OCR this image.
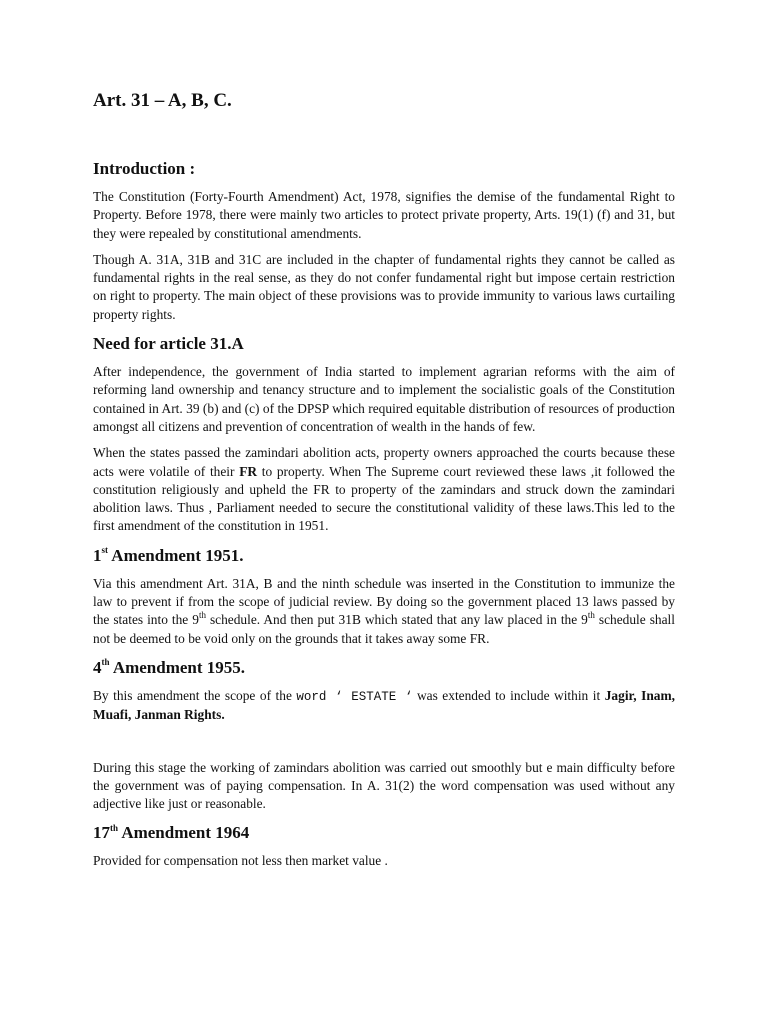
Art. 31 – A, B, C.
Introduction :

The Constitution (Forty-Fourth Amendment) Act, 1978, signifies the demise of the fundamental Right to Property. Before 1978, there were mainly two articles to protect private property, Arts. 19(1) (f) and 31, but they were repealed by constitutional amendments.

Though A. 31A, 31B and 31C are included in the chapter of fundamental rights they cannot be called as fundamental rights in the real sense, as they do not confer fundamental right but impose certain restriction on right to property. The main object of these provisions was to provide immunity to various laws curtailing property rights.

Need for article 31.A

After independence, the government of India started to implement agrarian reforms with the aim of reforming land ownership and tenancy structure and to implement the socialistic goals of the Constitution contained in Art. 39 (b) and (c) of the DPSP which required equitable distribution of resources of production amongst all citizens and prevention of concentration of wealth in the hands of few.

When the states passed the zamindari abolition acts, property owners approached the courts because these acts were volatile of their FR to property. When The Supreme court reviewed these laws ,it followed the constitution religiously and upheld the FR to property of the zamindars and struck down the zamindari abolition laws. Thus , Parliament needed to secure the constitutional validity of these laws.This led to the first amendment of the constitution in 1951.

1st Amendment 1951.

Via this amendment Art. 31A, B and the ninth schedule was inserted in the Constitution to immunize the law to prevent if from the scope of judicial review. By doing so the government placed 13 laws passed by the states into the 9th schedule. And then put 31B which stated that any law placed in the 9th schedule shall not be deemed to be void only on the grounds that it takes away some FR.

4th Amendment 1955.

By this amendment the scope of the word ‘ ESTATE ‘ was extended to include within it Jagir, Inam, Muafi, Janman Rights.

During this stage the working of zamindars abolition was carried out smoothly but e main difficulty before the government was of paying compensation. In A. 31(2) the word compensation was used without any adjective like just or reasonable.

17th Amendment 1964

Provided for compensation not less then market value .
